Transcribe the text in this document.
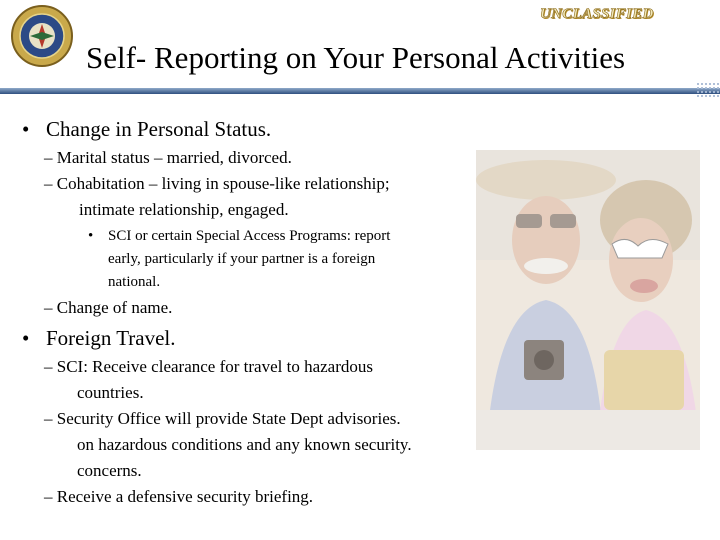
UNCLASSIFIED
Self- Reporting on Your Personal Activities
• Change in Personal Status.
– Marital status – married, divorced.
– Cohabitation – living in spouse-like relationship;
intimate relationship, engaged.
• SCI or certain Special Access Programs: report
early, particularly if your partner is a foreign
national.
– Change of name.
• Foreign Travel.
– SCI: Receive clearance for travel to hazardous
countries.
– Security Office will provide State Dept advisories.
on hazardous conditions and any known security.
concerns.
– Receive a defensive security briefing.
